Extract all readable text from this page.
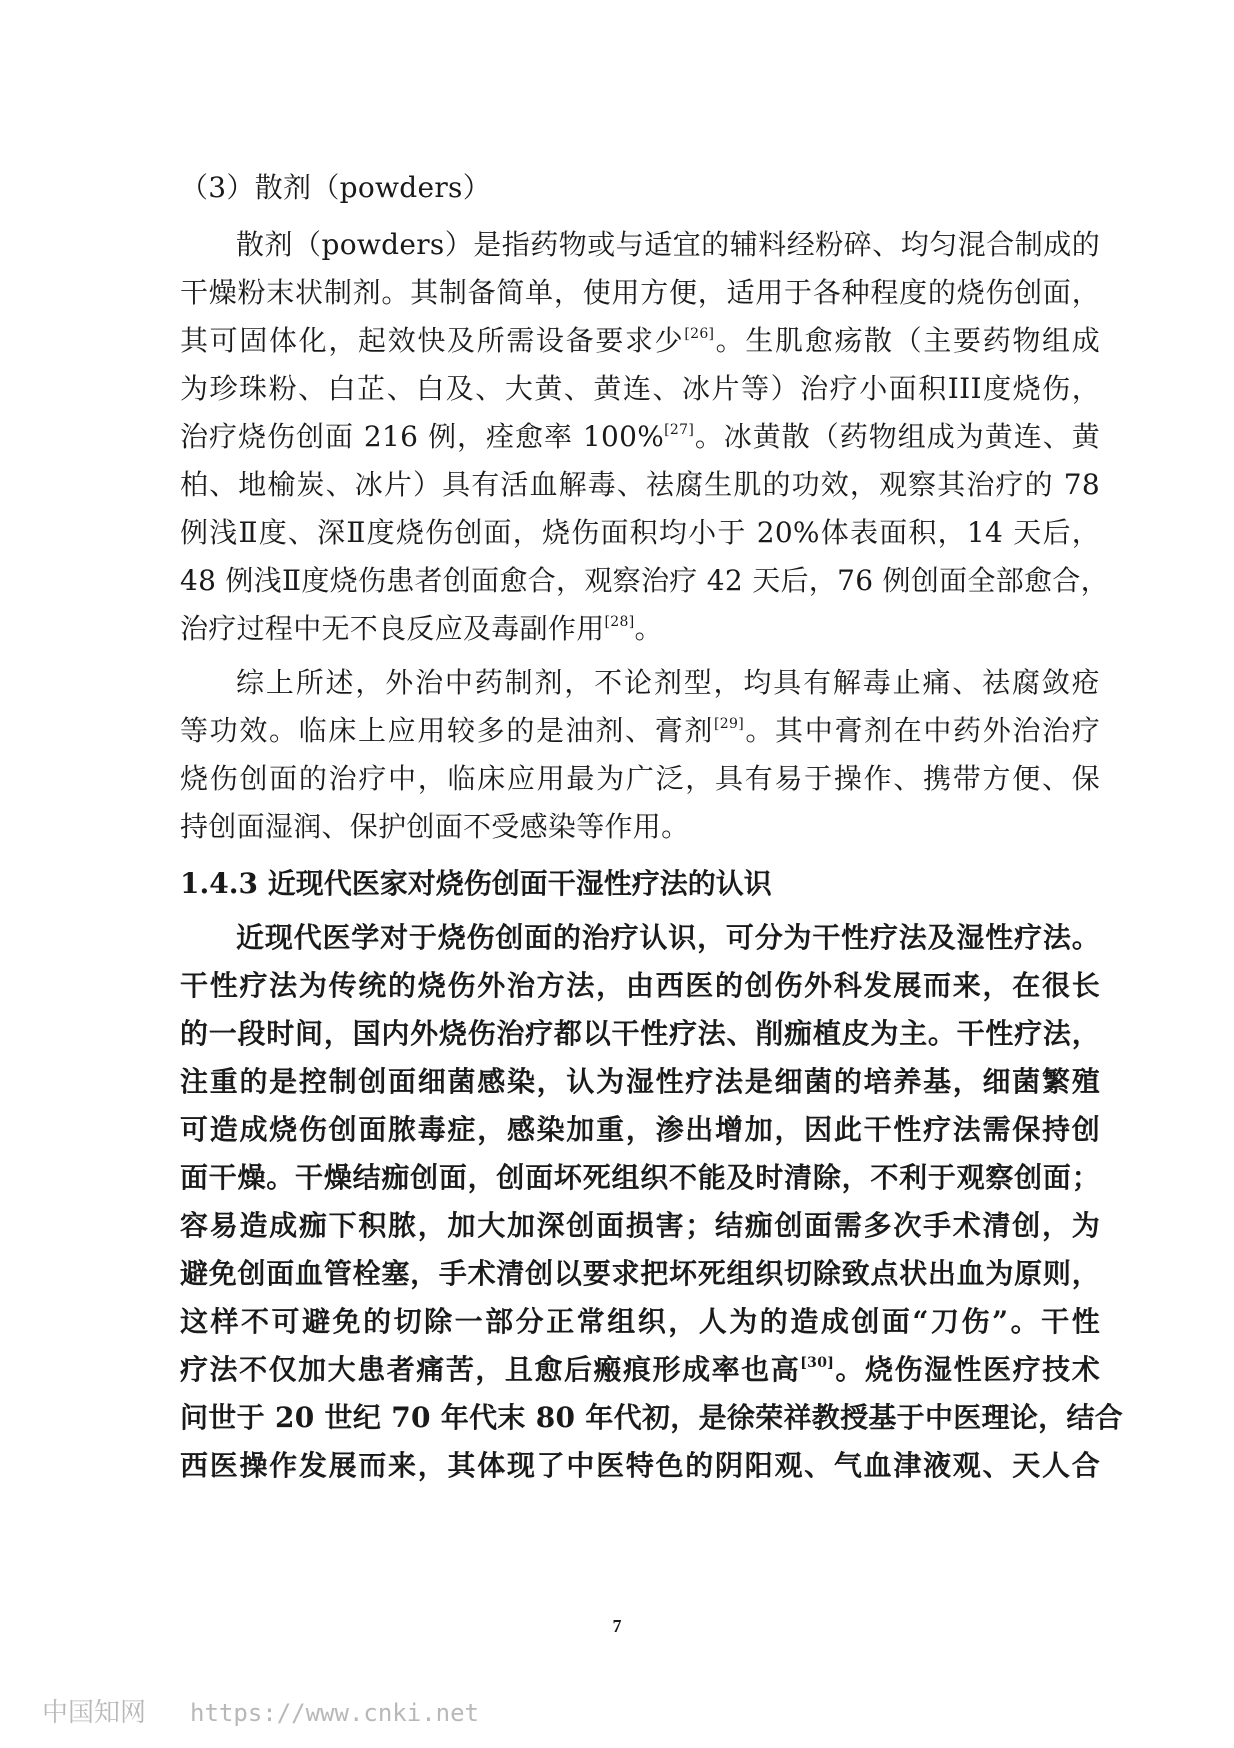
（3）散剂（powders）
散剂（powders）是指药物或与适宜的辅料经粉碎、均匀混合制成的
干燥粉末状制剂。其制备简单，使用方便，适用于各种程度的烧伤创面，
其可固体化，起效快及所需设备要求少[26]。生肌愈疡散（主要药物组成
为珍珠粉、白芷、白及、大黄、黄连、冰片等）治疗小面积III度烧伤，
治疗烧伤创面 216 例，痊愈率 100%[27]。冰黄散（药物组成为黄连、黄
柏、地榆炭、冰片）具有活血解毒、祛腐生肌的功效，观察其治疗的 78
例浅Ⅱ度、深Ⅱ度烧伤创面，烧伤面积均小于 20%体表面积，14 天后，
48 例浅Ⅱ度烧伤患者创面愈合，观察治疗 42 天后，76 例创面全部愈合，
治疗过程中无不良反应及毒副作用[28]。
综上所述，外治中药制剂，不论剂型，均具有解毒止痛、祛腐敛疮
等功效。临床上应用较多的是油剂、膏剂[29]。其中膏剂在中药外治治疗
烧伤创面的治疗中，临床应用最为广泛，具有易于操作、携带方便、保
持创面湿润、保护创面不受感染等作用。
1.4.3 近现代医家对烧伤创面干湿性疗法的认识
近现代医学对于烧伤创面的治疗认识，可分为干性疗法及湿性疗法。
干性疗法为传统的烧伤外治方法，由西医的创伤外科发展而来，在很长
的一段时间，国内外烧伤治疗都以干性疗法、削痂植皮为主。干性疗法，
注重的是控制创面细菌感染，认为湿性疗法是细菌的培养基，细菌繁殖
可造成烧伤创面脓毒症，感染加重，渗出增加，因此干性疗法需保持创
面干燥。干燥结痂创面，创面坏死组织不能及时清除，不利于观察创面；
容易造成痂下积脓，加大加深创面损害；结痂创面需多次手术清创，为
避免创面血管栓塞，手术清创以要求把坏死组织切除致点状出血为原则，
这样不可避免的切除一部分正常组织，人为的造成创面“刀伤”。干性
疗法不仅加大患者痛苦，且愈后瘢痕形成率也高[30]。烧伤湿性医疗技术
问世于 20 世纪 70 年代末 80 年代初，是徐荣祥教授基于中医理论，结合
西医操作发展而来，其体现了中医特色的阴阳观、气血津液观、天人合
7
中国知网 https://www.cnki.net
